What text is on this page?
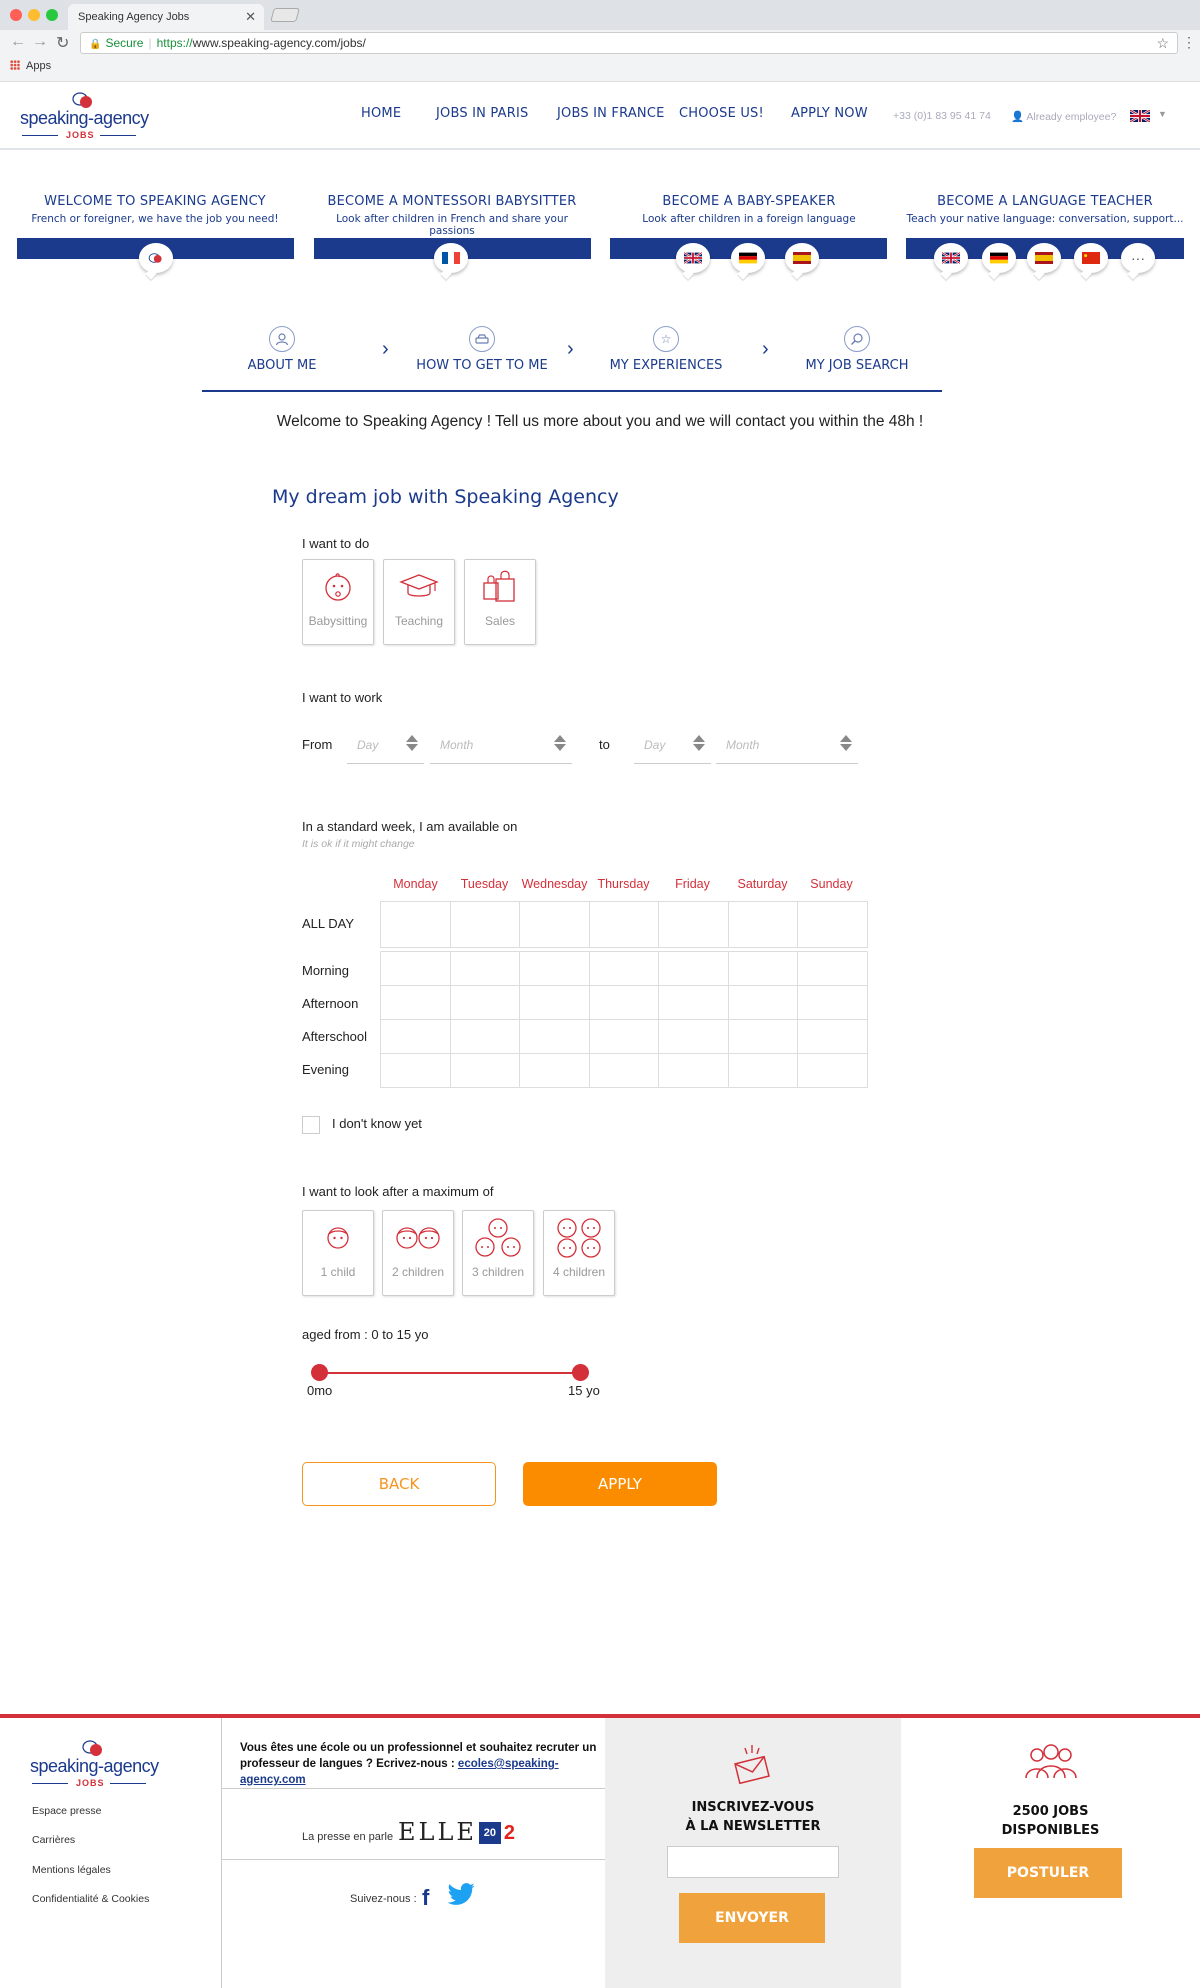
Speaking Agency Jobs	✕
← → ↻	🔒 Secure | https://www.speaking-agency.com/jobs/	☆ ⋮
Apps
speaking-agency
JOBS
HOME	JOBS IN PARIS JOBS IN FRANCE CHOOSE US! APPLY NOW +33 (0)1 83 95 41 74 👤 Already employee?	▼
WELCOME TO SPEAKING AGENCY
French or foreigner, we have the job you need!
BECOME A MONTESSORI BABYSITTER
Look after children in French and share your passions
BECOME A BABY-SPEAKER
Look after children in a foreign language
BECOME A LANGUAGE TEACHER
Teach your native language: conversation, support...
···
ABOUT ME
›
HOW TO GET TO ME
›	☆
MY EXPERIENCES
›
MY JOB SEARCH
Welcome to Speaking Agency ! Tell us more about you and we will contact you within the 48h !
My dream job with Speaking Agency
I want to do
Babysitting	Teaching	Sales
I want to work
From	Day	Month	to	Day	Month
In a standard week, I am available on
It is ok if it might change
Monday	Tuesday	Wednesday Thursday	Friday	Saturday	Sunday
ALL DAY

Morning
Afternoon
Afterschool
Evening

I don't know yet
I want to look after a maximum of
1 child	2 children	3 children	4 children
aged from : 0 to 15 yo
0mo	15 yo
BACK	APPLY
speaking-agency
JOBS
Espace presse
Carrières
Mentions légales
Confidentialité & Cookies
Vous êtes une école ou un professionnel et souhaitez recruter un professeur de langues ? Ecrivez-nous : ecoles@speaking-agency.com
La presse en parle ELLE 20 2
Suivez-nous : f
INSCRIVEZ-VOUS
À LA NEWSLETTER
ENVOYER
2500 JOBS
DISPONIBLES
POSTULER
